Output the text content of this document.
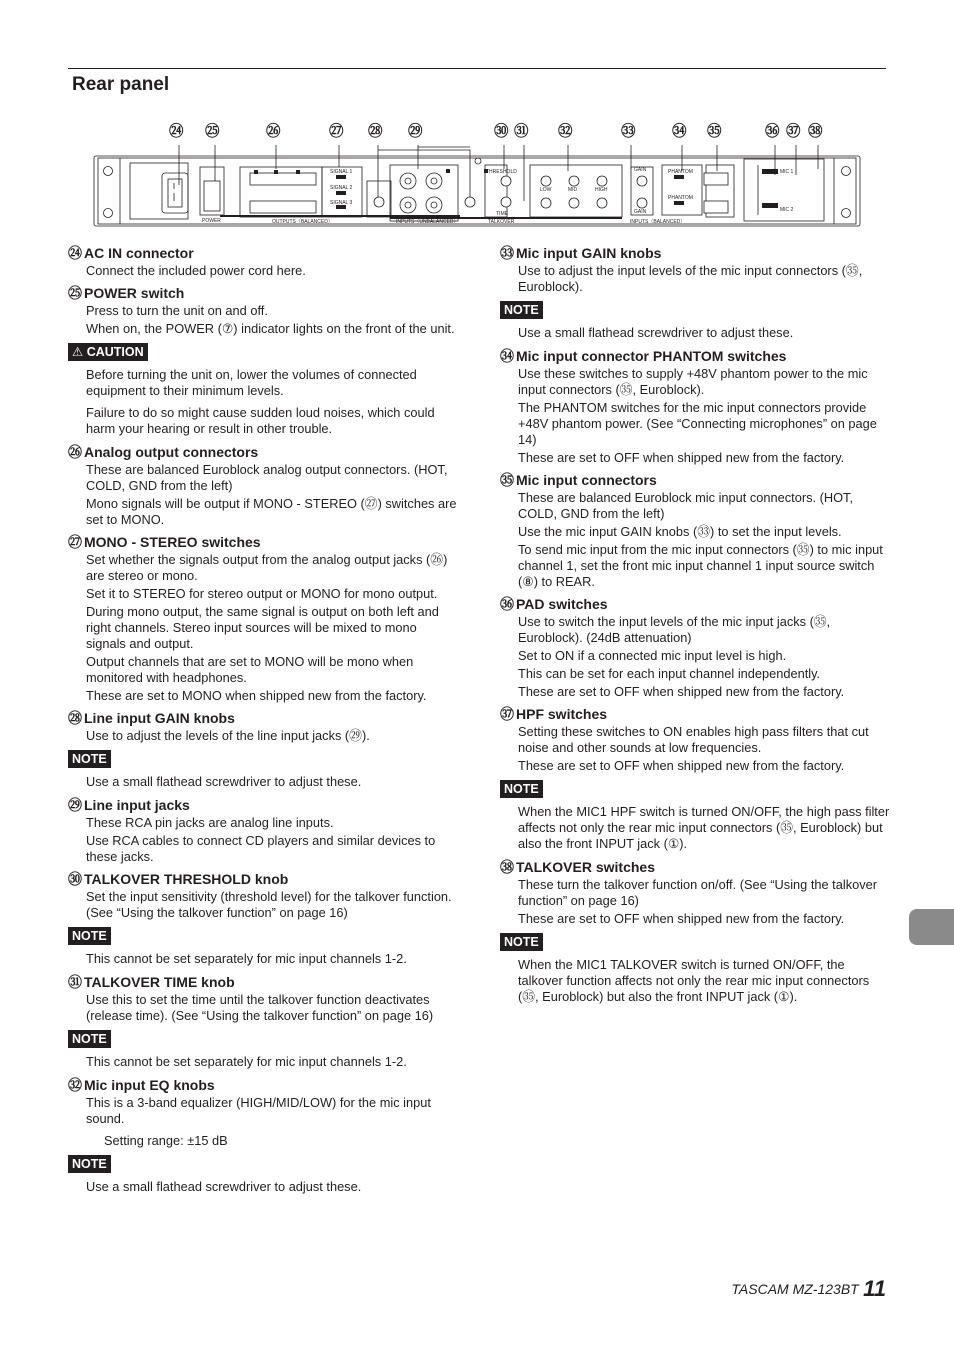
Rear panel
㉔ ㉕	㉖	㉗ ㉘ ㉙	㉚ ㉛ ㉜	㉝	㉞ ㉟	㊱ ㊲ ㊳
POWER	OUTPUTS（BALANCED）	INPUTS（UNBALANCED）	TALKOVER	INPUTS（BALANCED）
THRESHOLD
TIME
GAIN
GAIN
PHANTOM
PHANTOM
MIC 1
MIC 2
SIGNAL 1
SIGNAL 2
SIGNAL 3
LOW	MID	HIGH
㉔ AC IN connector

Connect the included power cord here.

㉕ POWER switch

Press to turn the unit on and off.

When on, the POWER (⑦) indicator lights on the front of the unit.

⚠ CAUTION

Before turning the unit on, lower the volumes of connected equipment to their minimum levels.

Failure to do so might cause sudden loud noises, which could harm your hearing or result in other trouble.

㉖ Analog output connectors

These are balanced Euroblock analog output connectors. (HOT, COLD, GND from the left)

Mono signals will be output if MONO - STEREO (㉗) switches are set to MONO.

㉗ MONO - STEREO switches

Set whether the signals output from the analog output jacks (㉖) are stereo or mono.

Set it to STEREO for stereo output or MONO for mono output.

During mono output, the same signal is output on both left and right channels. Stereo input sources will be mixed to mono signals and output.

Output channels that are set to MONO will be mono when monitored with headphones.

These are set to MONO when shipped new from the factory.

㉘ Line input GAIN knobs

Use to adjust the levels of the line input jacks (㉙).

NOTE

Use a small flathead screwdriver to adjust these.

㉙ Line input jacks

These RCA pin jacks are analog line inputs.

Use RCA cables to connect CD players and similar devices to these jacks.

㉚ TALKOVER THRESHOLD knob

Set the input sensitivity (threshold level) for the talkover function. (See “Using the talkover function” on page 16)

NOTE

This cannot be set separately for mic input channels 1-2.

㉛ TALKOVER TIME knob

Use this to set the time until the talkover function deactivates (release time). (See “Using the talkover function” on page 16)

NOTE

This cannot be set separately for mic input channels 1-2.

㉜ Mic input EQ knobs

This is a 3-band equalizer (HIGH/MID/LOW) for the mic input sound.

Setting range: ±15 dB

NOTE

Use a small flathead screwdriver to adjust these.

㉝ Mic input GAIN knobs

Use to adjust the input levels of the mic input connectors (㉟, Euroblock).

NOTE

Use a small flathead screwdriver to adjust these.

㉞ Mic input connector PHANTOM switches

Use these switches to supply +48V phantom power to the mic input connectors (㉟, Euroblock).

The PHANTOM switches for the mic input connectors provide +48V phantom power. (See “Connecting microphones” on page 14)

These are set to OFF when shipped new from the factory.

㉟ Mic input connectors

These are balanced Euroblock mic input connectors. (HOT, COLD, GND from the left)

Use the mic input GAIN knobs (㉝) to set the input levels.

To send mic input from the mic input connectors (㉟) to mic input channel 1, set the front mic input channel 1 input source switch (⑧) to REAR.

㊱ PAD switches

Use to switch the input levels of the mic input jacks (㉟, Euroblock). (24dB attenuation)

Set to ON if a connected mic input level is high.

This can be set for each input channel independently.

These are set to OFF when shipped new from the factory.

㊲ HPF switches

Setting these switches to ON enables high pass filters that cut noise and other sounds at low frequencies.

These are set to OFF when shipped new from the factory.

NOTE

When the MIC1 HPF switch is turned ON/OFF, the high pass filter affects not only the rear mic input connectors (㉟, Euroblock) but also the front INPUT jack (①).

㊳ TALKOVER switches

These turn the talkover function on/off. (See “Using the talkover function” on page 16)

These are set to OFF when shipped new from the factory.

NOTE

When the MIC1 TALKOVER switch is turned ON/OFF, the talkover function affects not only the rear mic input connectors (㉟, Euroblock) but also the front INPUT jack (①).

TASCAM MZ-123BT 11
